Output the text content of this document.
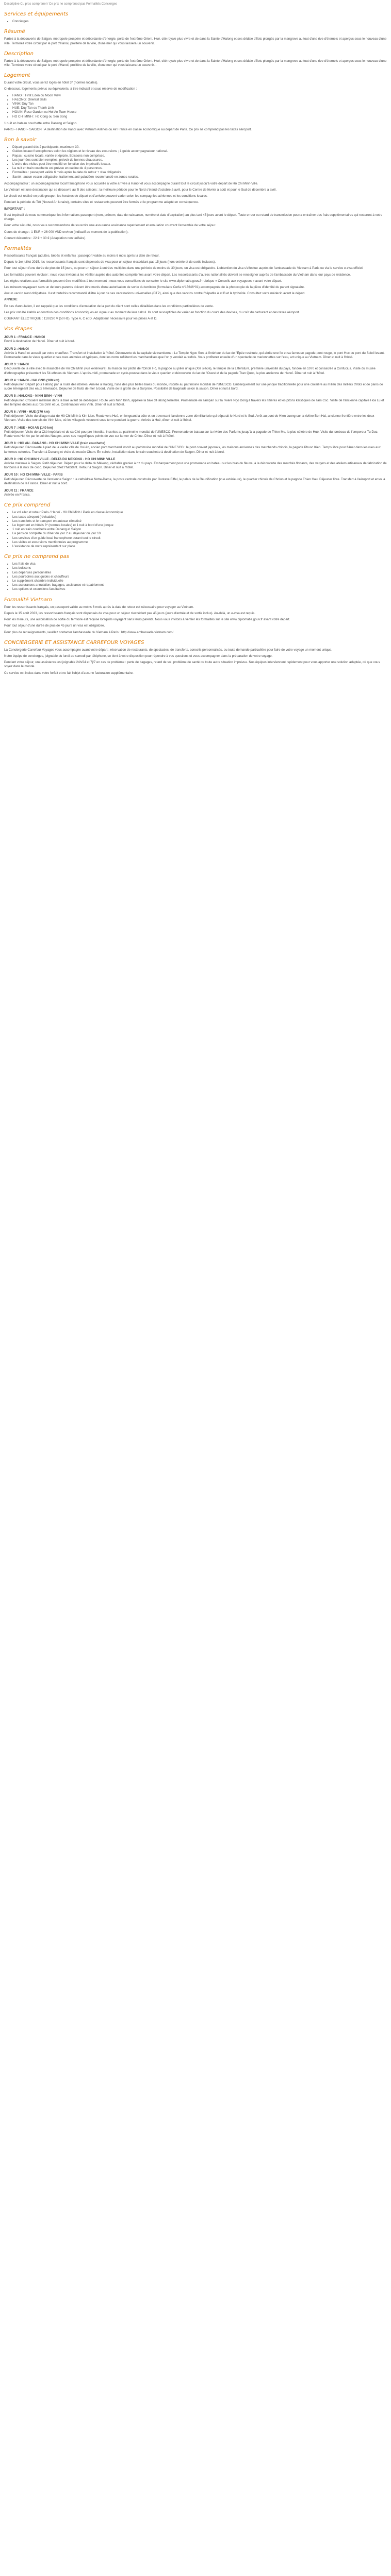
Descriptive Cu pros comprenel / Ce prix ne comprenod pas Formalités Concierges
Services et équipements
• Concierges
Résumé

Partez à la découverte de Saïgon, métropole prospère et débordante d'énergie, porte de l'extrême Orient. Hué, cité royale plus vivre et de dans la Sainte d'Halong et ses dédale d'îlots plongés par la mangrove au tout d'une rive d'éternels et aperçus sous le nouveau d'une ville. Terminez votre circuit par le port d'Hanoï, prolifère de la ville, d'une mer qui vous laissera un souvenir...

Description

Partez à la découverte de Saïgon, métropole prospère et débordante d'énergie, porte de l'extrême Orient. Hué, cité royale plus vivre et de dans la Sainte d'Halong et ses dédale d'îlots plongés par la mangrove au tout d'une rive d'éternels et aperçus sous le nouveau d'une ville. Terminez votre circuit par le port d'Hanoï, prolifère de la ville, d'une mer qui vous laissera un souvenir...

Logement

Durant votre circuit, vous serez logés en hôtel 3* (normes locales).

Ci-dessous, logements prévus ou équivalents, à titre indicatif et sous réserve de modification :

• HANOI : First Eden ou Moon View
• HALONG: Oriental Sails
• VINH: Duy Tan
• HUE: Duy Tan ou Thanh Linh
• HOIAN: Rose Garden ou Hoi An Town House
• HO CHI MINH : Ho Cong ou Sen Song

1 nuit en bateau couchette entre Danang et Saigon.

PARIS - HANOI - SAIGON : A destination de Hanoï avec Vietnam Airlines ou Air France en classe économique au départ de Paris. Ce prix ne comprend pas les taxes aéroport.

Bon à savoir
• Départ garanti dès 2 participants, maximum 30.
• Guides locaux francophones selon les régions et le niveau des excursions ; 1 guide accompagnateur national.
• Repas : cuisine locale, variée et épicée. Boissons non comprises.
• Les journées sont bien remplies, prévoir de bonnes chaussures.
• L'ordre des visites peut être modifié en fonction des impératifs locaux.
• La nuit en train couchette est prévue en cabine de 4 personnes.
• Formalités : passeport valide 6 mois après la date de retour + visa obligatoire.
• Santé : aucun vaccin obligatoire, traitement anti-paludéen recommandé en zones rurales.

Accompagnateur : un accompagnateur local francophone vous accueille à votre arrivée à Hanoï et vous accompagne durant tout le circuit jusqu'à votre départ de Hô Chi Minh-Ville.

Le Vietnam est une destination qui se découvre au fil des saisons : la meilleure période pour le Nord s'étend d'octobre à avril, pour le Centre de février à août et pour le Sud de décembre à avril.

Le circuit est réalisé en petit groupe ; les horaires de départ et d'arrivée peuvent varier selon les compagnies aériennes et les conditions locales.

Pendant la période du Têt (Nouvel An lunaire), certains sites et restaurants peuvent être fermés et le programme adapté en conséquence.

IMPORTANT :

Il est impératif de nous communiquer les informations passeport (nom, prénom, date de naissance, numéro et date d'expiration) au plus tard 45 jours avant le départ. Toute erreur ou retard de transmission pourra entraîner des frais supplémentaires qui resteront à votre charge.

Pour votre sécurité, nous vous recommandons de souscrire une assurance assistance rapatriement et annulation couvrant l'ensemble de votre séjour.

Cours de change : 1 EUR = 26 000 VND environ (indicatif au moment de la publication).

Courant décembre : 22 € + 30 € (Adaptation non tarifaire).

Formalités

Ressortissants français (adultes, bébés et enfants) : passeport valide au moins 6 mois après la date de retour.

Depuis le 1er juillet 2015, les ressortissants français sont dispensés de visa pour un séjour n'excédant pas 15 jours (hors entrée et de sortie incluses).

Pour tout séjour d'une durée de plus de 15 jours, ou pour un séjour à entrées multiples dans une période de moins de 30 jours, un visa est obligatoire. L'obtention du visa s'effectue auprès de l'ambassade du Vietnam à Paris ou via le service e-visa officiel.

Les formalités peuvent évoluer ; nous vous invitons à les vérifier auprès des autorités compétentes avant votre départ. Les ressortissants d'autres nationalités doivent se renseigner auprès de l'ambassade du Vietnam dans leur pays de résidence.

Les règles relatives aux formalités peuvent être modifiées à tout moment ; nous vous conseillons de consulter le site www.diplomatie.gouv.fr rubrique « Conseils aux voyageurs » avant votre départ.

Les mineurs voyageant sans un de leurs parents doivent être munis d'une autorisation de sortie du territoire (formulaire Cerfa n°15646*01) accompagnée de la photocopie de la pièce d'identité du parent signataire.

Aucun vaccin n'est obligatoire. Il est toutefois recommandé d'être à jour de ses vaccinations universelles (DTP), ainsi que des vaccins contre l'hépatite A et B et la typhoïde. Consultez votre médecin avant le départ.

ANNEXE

En cas d'annulation, il est rappelé que les conditions d'annulation de la part du client sont celles détaillées dans les conditions particulières de vente.

Les prix ont été établis en fonction des conditions économiques en vigueur au moment de leur calcul. Ils sont susceptibles de varier en fonction du cours des devises, du coût du carburant et des taxes aéroport.

COURANT ÉLECTRIQUE : 110/220 V (50 Hz). Type A, C et D. Adaptateur nécessaire pour les prises A et D.

Vos étapes
JOUR 1 : FRANCE - HANOI
Envol à destination de Hanoï. Dîner et nuit à bord.
JOUR 2 : HANOI
Arrivée à Hanoï et accueil par votre chauffeur. Transfert et installation à l'hôtel. Découverte de la capitale vietnamienne : Le Temple Ngoc Son, à l'intérieur du lac de l'Épée restituée, qui abrite une île et sa fameuse pagode-pont rouge, le pont Huc ou pont du Soleil levant. Promenade dans le vieux quartier et ses rues animées et typiques, dont les noms reflètent les marchandises que l'on y vendait autrefois. Vous profiterez ensuite d'un spectacle de marionnettes sur l'eau, art unique au Vietnam. Dîner et nuit à l'hôtel.
JOUR 3 : HANOI
Découverte de la ville avec le mausolée de Hô Chi Minh (vue extérieure), la maison sur pilotis de l'Oncle Hô, la pagode au pilier unique (XIe siècle), le temple de la Littérature, première université du pays, fondée en 1070 et consacrée à Confucius. Visite du musée d'ethnographie présentant les 54 ethnies du Vietnam. L'après-midi, promenade en cyclo-pousse dans le vieux quartier et découverte du lac de l'Ouest et de la pagode Tran Quoc, la plus ancienne de Hanoï. Dîner et nuit à l'hôtel.
JOUR 4 : HANOI - HALONG (180 km)
Petit déjeuner. Départ pour Halong par la route des rizières. Arrivée à Halong, l'une des plus belles baies du monde, inscrite au patrimoine mondial de l'UNESCO. Embarquement sur une jonque traditionnelle pour une croisière au milieu des milliers d'îlots et de pains de sucre émergeant des eaux émeraude. Déjeuner de fruits de mer à bord. Visite de la grotte de la Surprise. Possibilité de baignade selon la saison. Dîner et nuit à bord.
JOUR 5 : HALONG - NINH BINH - VINH
Petit déjeuner. Croisière matinale dans la baie avant de débarquer. Route vers Ninh Binh, appelée la baie d'Halong terrestre. Promenade en sampan sur la rivière Ngo Dong à travers les rizières et les pitons karstiques de Tam Coc. Visite de l'ancienne capitale Hoa Lu et des temples dédiés aux rois Dinh et Le. Continuation vers Vinh. Dîner et nuit à l'hôtel.
JOUR 6 : VINH - HUE (370 km)
Petit déjeuner. Visite du village natal de Hô Chi Minh à Kim Lien. Route vers Hué, en longeant la côte et en traversant l'ancienne zone démilitarisée qui séparait le Nord et le Sud. Arrêt au pont de Hien Luong sur la rivière Ben Hai, ancienne frontière entre les deux Vietnam. Visite des tunnels de Vinh Moc, où les villageois vécurent sous terre pendant la guerre. Arrivée à Hué, dîner et nuit à l'hôtel.
JOUR 7 : HUE - HOI AN (140 km)
Petit déjeuner. Visite de la Cité impériale et de sa Cité pourpre interdite, inscrites au patrimoine mondial de l'UNESCO. Promenade en bateau sur la rivière des Parfums jusqu'à la pagode de Thien Mu, la plus célèbre de Hué. Visite du tombeau de l'empereur Tu Duc. Route vers Hoi An par le col des Nuages, avec ses magnifiques points de vue sur la mer de Chine. Dîner et nuit à l'hôtel.
JOUR 8 : HOI AN - DANANG - HO CHI MINH VILLE (train couchette)
Petit déjeuner. Découverte à pied de la vieille ville de Hoi An, ancien port marchand inscrit au patrimoine mondial de l'UNESCO : le pont couvert japonais, les maisons anciennes des marchands chinois, la pagode Phuoc Kien. Temps libre pour flâner dans les rues aux lanternes colorées. Transfert à Danang et visite du musée Cham. En soirée, installation dans le train couchette à destination de Saigon. Dîner et nuit à bord.
JOUR 9 : HO CHI MINH VILLE - DELTA DU MEKONG - HO CHI MINH VILLE
Arrivée matinale à Saigon. Petit déjeuner. Départ pour le delta du Mékong, véritable grenier à riz du pays. Embarquement pour une promenade en bateau sur les bras du fleuve, à la découverte des marchés flottants, des vergers et des ateliers artisanaux de fabrication de bonbons à la noix de coco. Déjeuner chez l'habitant. Retour à Saigon. Dîner et nuit à l'hôtel.
JOUR 10 : HO CHI MINH VILLE - PARIS
Petit déjeuner. Découverte de l'ancienne Saigon : la cathédrale Notre-Dame, la poste centrale construite par Gustave Eiffel, le palais de la Réunification (vue extérieure), le quartier chinois de Cholon et la pagode Thien Hau. Déjeuner libre. Transfert à l'aéroport et envol à destination de la France. Dîner et nuit à bord.
JOUR 11 : FRANCE
Arrivée en France.
Ce prix comprend
• Le vol aller et retour Paris / Hanoï - Hô Chi Minh / Paris en classe économique
• Les taxes aéroport (révisables)
• Les transferts et le transport en autocar climatisé
• Le logement en hôtels 3* (normes locales) et 1 nuit à bord d'une jonque
• 1 nuit en train couchette entre Danang et Saigon
• La pension complète du dîner du jour 2 au déjeuner du jour 10
• Les services d'un guide local francophone durant tout le circuit
• Les visites et excursions mentionnées au programme
• L'assistance de notre représentant sur place
Ce prix ne comprend pas
• Les frais de visa
• Les boissons
• Les dépenses personnelles
• Les pourboires aux guides et chauffeurs
• Le supplément chambre individuelle
• Les assurances annulation, bagages, assistance et rapatriement
• Les options et excursions facultatives
Formalité Vietnam

Pour les ressortissants français, un passeport valide au moins 6 mois après la date de retour est nécessaire pour voyager au Vietnam.

Depuis le 15 août 2023, les ressortissants français sont dispensés de visa pour un séjour n'excédant pas 45 jours (jours d'entrée et de sortie inclus). Au-delà, un e-visa est requis.

Pour les mineurs, une autorisation de sortie du territoire est requise lorsqu'ils voyagent sans leurs parents. Nous vous invitons à vérifier les formalités sur le site www.diplomatie.gouv.fr avant votre départ.

Pour tout séjour d'une durée de plus de 45 jours un visa est obligatoire.

Pour plus de renseignements, veuillez contacter l'ambassade du Vietnam à Paris : http://www.ambassade-vietnam.com/

CONCIERGERIE ET ASSISTANCE CARREFOUR VOYAGES

La Conciergerie Carrefour Voyages vous accompagne avant votre départ : réservation de restaurants, de spectacles, de transferts, conseils personnalisés, ou toute demande particulière pour faire de votre voyage un moment unique.

Notre équipe de concierges, joignable du lundi au samedi par téléphone, se tient à votre disposition pour répondre à vos questions et vous accompagner dans la préparation de votre voyage.

Pendant votre séjour, une assistance est joignable 24h/24 et 7j/7 en cas de problème : perte de bagages, retard de vol, problème de santé ou toute autre situation imprévue. Nos équipes interviennent rapidement pour vous apporter une solution adaptée, où que vous soyez dans le monde.

Ce service est inclus dans votre forfait et ne fait l'objet d'aucune facturation supplémentaire.
